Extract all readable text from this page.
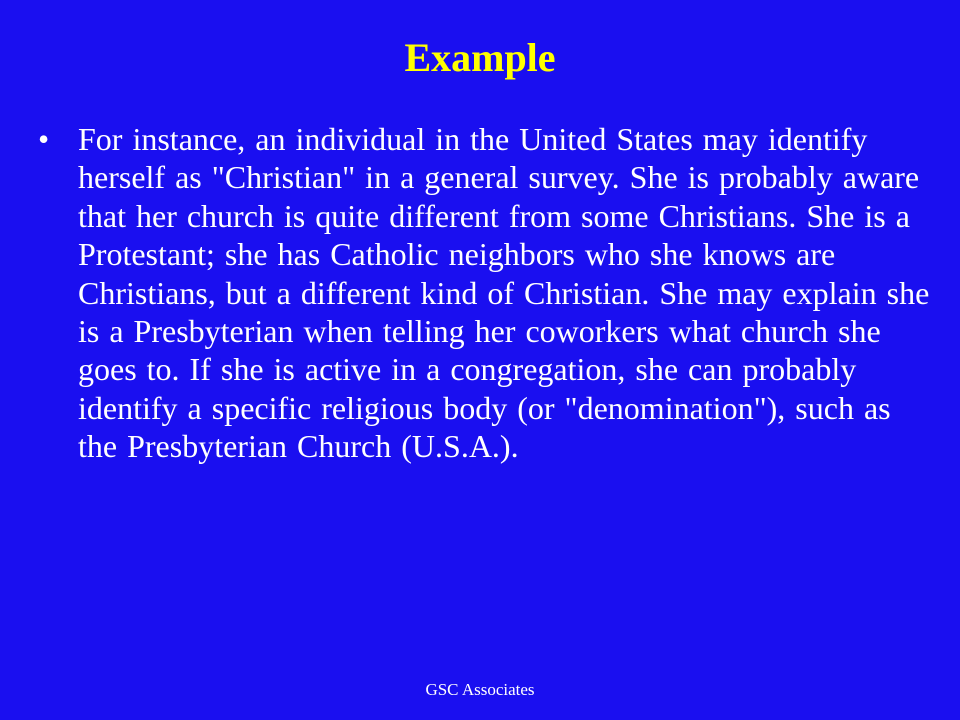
Example
• For instance, an individual in the United States may identify herself as "Christian" in a general survey. She is probably aware that her church is quite different from some Christians. She is a Protestant; she has Catholic neighbors who she knows are Christians, but a different kind of Christian. She may explain she is a Presbyterian when telling her coworkers what church she goes to. If she is active in a congregation, she can probably identify a specific religious body (or "denomination"), such as the Presbyterian Church (U.S.A.).

GSC Associates
